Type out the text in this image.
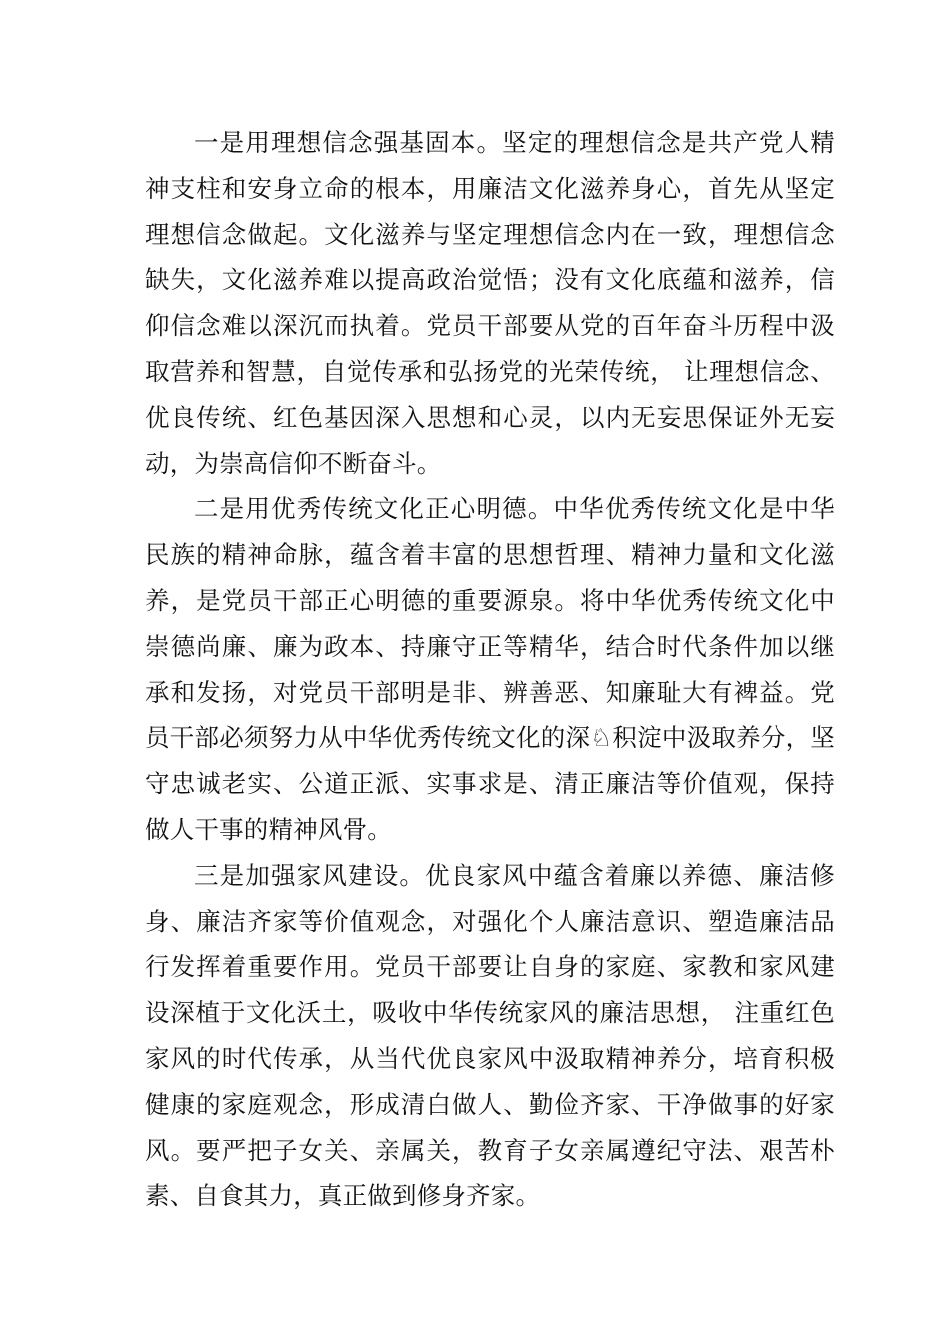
一是用理想信念强基固本。坚定的理想信念是共产党人精神支柱和安身立命的根本，用廉洁文化滋养身心，首先从坚定理想信念做起。文化滋养与坚定理想信念内在一致，理想信念缺失，文化滋养难以提高政治觉悟；没有文化底蕴和滋养，信仰信念难以深沉而执着。党员干部要从党的百年奋斗历程中汲取营养和智慧，自觉传承和弘扬党的光荣传统， 让理想信念、优良传统、红色基因深入思想和心灵，以内无妄思保证外无妄动，为崇高信仰不断奋斗。

二是用优秀传统文化正心明德。中华优秀传统文化是中华民族的精神命脉，蕴含着丰富的思想哲理、精神力量和文化滋养，是党员干部正心明德的重要源泉。将中华优秀传统文化中崇德尚廉、廉为政本、持廉守正等精华，结合时代条件加以继承和发扬，对党员干部明是非、辨善恶、知廉耻大有裨益。党员干部必须努力从中华优秀传统文化的深♘积淀中汲取养分，坚守忠诚老实、公道正派、实事求是、清正廉洁等价值观，保持做人干事的精神风骨。

三是加强家风建设。优良家风中蕴含着廉以养德、廉洁修身、廉洁齐家等价值观念，对强化个人廉洁意识、塑造廉洁品行发挥着重要作用。党员干部要让自身的家庭、家教和家风建设深植于文化沃土，吸收中华传统家风的廉洁思想， 注重红色家风的时代传承，从当代优良家风中汲取精神养分，培育积极健康的家庭观念，形成清白做人、勤俭齐家、干净做事的好家风。要严把子女关、亲属关，教育子女亲属遵纪守法、艰苦朴素、自食其力，真正做到修身齐家。
